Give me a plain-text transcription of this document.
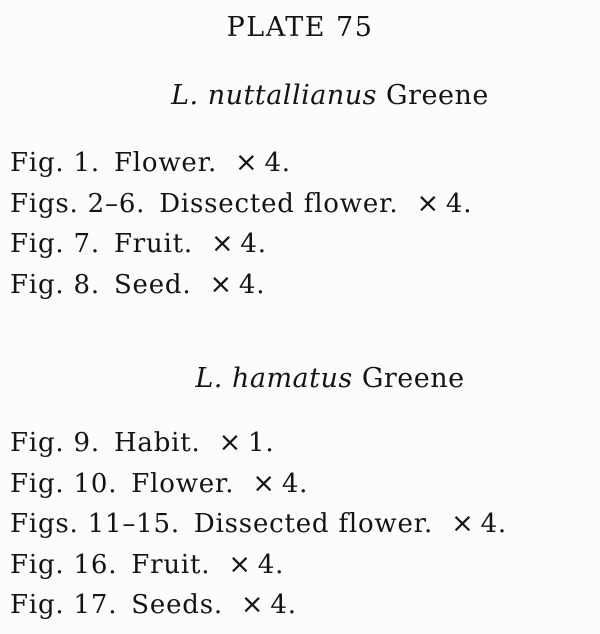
PLATE 75
L. nuttallianus Greene
Fig. 1. Flower. × 4.
Figs. 2–6. Dissected flower. × 4.
Fig. 7. Fruit. × 4.
Fig. 8. Seed. × 4.
L. hamatus Greene
Fig. 9. Habit. × 1.
Fig. 10. Flower. × 4.
Figs. 11–15. Dissected flower. × 4.
Fig. 16. Fruit. × 4.
Fig. 17. Seeds. × 4.
